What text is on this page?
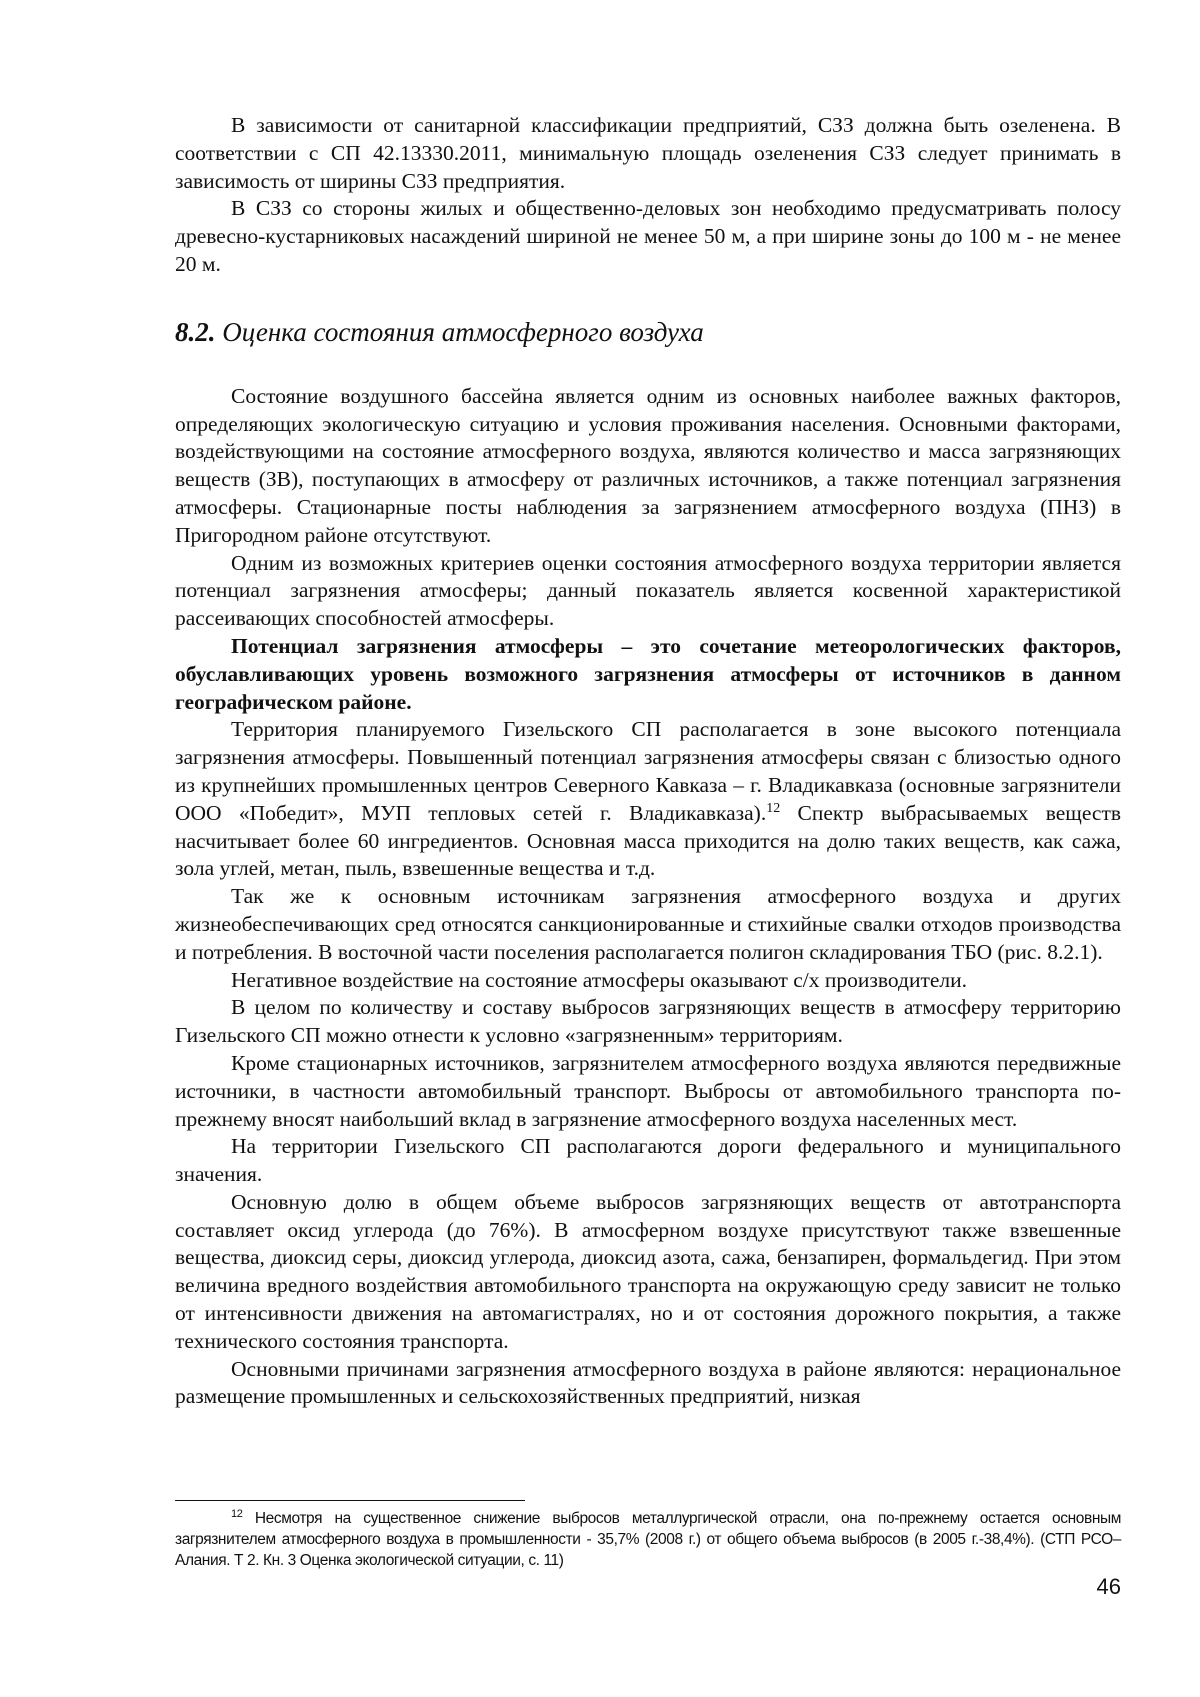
В зависимости от санитарной классификации предприятий, СЗЗ должна быть озеленена. В соответствии с СП 42.13330.2011, минимальную площадь озеленения СЗЗ следует принимать в зависимость от ширины СЗЗ предприятия.

В СЗЗ со стороны жилых и общественно-деловых зон необходимо предусматривать полосу древесно-кустарниковых насаждений шириной не менее 50 м, а при ширине зоны до 100 м - не менее 20 м.

8.2. Оценка состояния атмосферного воздуха

Состояние воздушного бассейна является одним из основных наиболее важных факторов, определяющих экологическую ситуацию и условия проживания населения. Основными факторами, воздействующими на состояние атмосферного воздуха, являются количество и масса загрязняющих веществ (ЗВ), поступающих в атмосферу от различных источников, а также потенциал загрязнения атмосферы. Стационарные посты наблюдения за загрязнением атмосферного воздуха (ПНЗ) в Пригородном районе отсутствуют.

Одним из возможных критериев оценки состояния атмосферного воздуха территории является потенциал загрязнения атмосферы; данный показатель является косвенной характеристикой рассеивающих способностей атмосферы.

Потенциал загрязнения атмосферы – это сочетание метеорологических факторов, обуславливающих уровень возможного загрязнения атмосферы от источников в данном географическом районе.

Территория планируемого Гизельского СП располагается в зоне высокого потенциала загрязнения атмосферы. Повышенный потенциал загрязнения атмосферы связан с близостью одного из крупнейших промышленных центров Северного Кавказа – г. Владикавказа (основные загрязнители ООО «Победит», МУП тепловых сетей г. Владикавказа).$^{12}$ Спектр выбрасываемых веществ насчитывает более 60 ингредиентов. Основная масса приходится на долю таких веществ, как сажа, зола углей, метан, пыль, взвешенные вещества и т.д.

Так же к основным источникам загрязнения атмосферного воздуха и других жизнеобеспечивающих сред относятся санкционированные и стихийные свалки отходов производства и потребления. В восточной части поселения располагается полигон складирования ТБО (рис. 8.2.1).

Негативное воздействие на состояние атмосферы оказывают с/х производители.

В целом по количеству и составу выбросов загрязняющих веществ в атмосферу территорию Гизельского СП можно отнести к условно «загрязненным» территориям.

Кроме стационарных источников, загрязнителем атмосферного воздуха являются передвижные источники, в частности автомобильный транспорт. Выбросы от автомобильного транспорта по-прежнему вносят наибольший вклад в загрязнение атмосферного воздуха населенных мест.

На территории Гизельского СП располагаются дороги федерального и муниципального значения.

Основную долю в общем объеме выбросов загрязняющих веществ от автотранспорта составляет оксид углерода (до 76%). В атмосферном воздухе присутствуют также взвешенные вещества, диоксид серы, диоксид углерода, диоксид азота, сажа, бензапирен, формальдегид. При этом величина вредного воздействия автомобильного транспорта на окружающую среду зависит не только от интенсивности движения на автомагистралях, но и от состояния дорожного покрытия, а также технического состояния транспорта.

Основными причинами загрязнения атмосферного воздуха в районе являются: нерациональное размещение промышленных и сельскохозяйственных предприятий, низкая

$^{12}$ Несмотря на существенное снижение выбросов металлургической отрасли, она по-прежнему остается основным загрязнителем атмосферного воздуха в промышленности - 35,7% (2008 г.) от общего объема выбросов (в 2005 г.-38,4%). (СТП РСО–Алания. Т 2. Кн. 3 Оценка экологической ситуации, с. 11)
46
